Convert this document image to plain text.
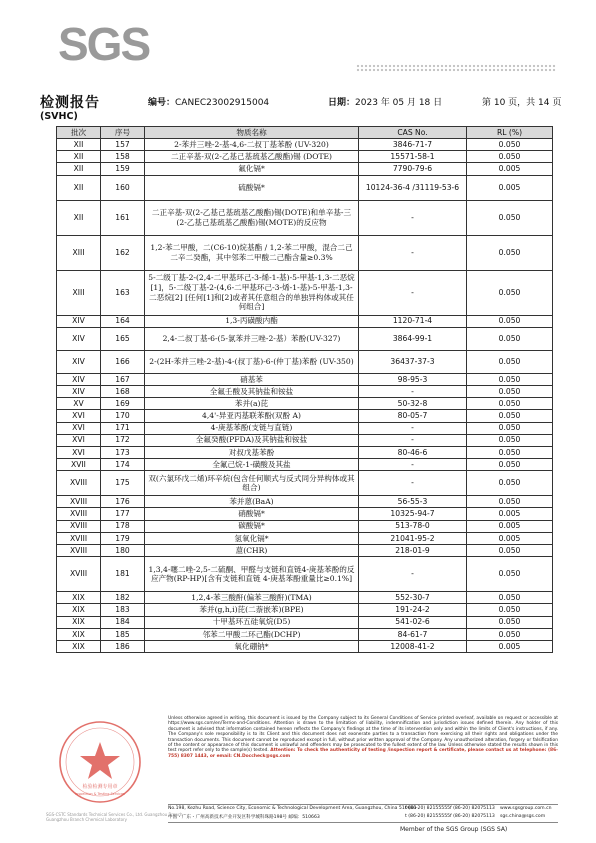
SGS
检测报告
(SVHC)
编号：CANEC23002915004	日期：2023 年 05 月 18 日	第 10 页，共 14 页
批次	序号	物质名称	CAS No.	RL (%)
XII	157	2-苯并三唑-2-基-4,6-二叔丁基苯酚 (UV-320)	3846-71-7	0.050
XII	158	二正辛基-双(2-乙基己基巯基乙酸酯)锡 (DOTE)	15571-58-1	0.050
XII	159	氟化镉*	7790-79-6	0.005
XII	160	硫酸镉*	10124-36-4 /31119-53-6	0.005
XII	161	二正辛基-双(2-乙基己基巯基乙酸酯)锡(DOTE)和单辛基-三(2-乙基己基巯基乙酸酯)锡(MOTE)的反应物	-	0.050
XIII	162	1,2-苯二甲酸，二(C6-10)烷基酯 / 1,2-苯二甲酸，混合二己二辛二癸酯，其中邻苯二甲酸二己酯含量≥0.3%	-	0.050
XIII	163	5-二级丁基-2-(2,4-二甲基环己-3-烯-1-基)-5-甲基-1,3-二恶烷[1]，5-二级丁基-2-(4,6-二甲基环己-3-烯-1-基)-5-甲基-1,3-二恶烷[2] [任何[1]和[2]或者其任意组合的单独异构体或其任何组合]	-	0.050
XIV	164	1,3-丙磺酸内酯	1120-71-4	0.050
XIV	165	2,4-二叔丁基-6-(5-氯苯并三唑-2-基）苯酚(UV-327)	3864-99-1	0.050
XIV	166	2-(2H-苯并三唑-2-基)-4-(叔丁基)-6-(仲丁基)苯酚 (UV-350)	36437-37-3	0.050
XIV	167	硝基苯	98-95-3	0.050
XIV	168	全氟壬酸及其钠盐和铵盐	-	0.050
XV	169	苯并(a)芘	50-32-8	0.050
XVI	170	4,4'-异亚丙基联苯酚(双酚 A)	80-05-7	0.050
XVI	171	4-庚基苯酚(支链与直链)	-	0.050
XVI	172	全氟癸酸(PFDA)及其钠盐和铵盐	-	0.050
XVI	173	对叔戊基苯酚	80-46-6	0.050
XVII	174	全氟己烷-1-磺酸及其盐	-	0.050
XVIII	175	双(六氯环戊二烯)环辛烷(包含任何顺式与反式同分异构体或其组合)	-	0.050
XVIII	176	苯并蒽(BaA)	56-55-3	0.050
XVIII	177	硝酸镉*	10325-94-7	0.005
XVIII	178	碳酸镉*	513-78-0	0.005
XVIII	179	氢氧化镉*	21041-95-2	0.005
XVIII	180	䓛(CHR)	218-01-9	0.050
XVIII	181	1,3,4-噻二唑-2,5-二硫酮、甲醛与支链和直链4-庚基苯酚的反应产物(RP-HP)[含有支链和直链 4-庚基苯酚重量比≥0.1%]	-	0.050
XIX	182	1,2,4-苯三酸酐(偏苯三酸酐)(TMA)	552-30-7	0.050
XIX	183	苯并(g,h,i)芘(二萘嵌苯)(BPE)	191-24-2	0.050
XIX	184	十甲基环五硅氧烷(D5)	541-02-6	0.050
XIX	185	邻苯二甲酸二环己酯(DCHP)	84-61-7	0.050
XIX	186	氧化硼钠*	12008-41-2	0.005
检验检测专用章
Inspection & Testing Services
SGS-CSTC Standards Technical Services Co., Ltd. Guangzhou Branch
Guangzhou Branch Chemical Laboratory
Unless otherwise agreed in writing, this document is issued by the Company subject to its General Conditions of Service printed overleaf, available on request or accessible at https://www.sgs.com/en/Terms-and-Conditions. Attention is drawn to the limitation of liability, indemnification and jurisdiction issues defined therein. Any holder of this document is advised that information contained hereon reflects the Company's findings at the time of its intervention only and within the limits of Client's instructions, if any. The Company's sole responsibility is to its Client and this document does not exonerate parties to a transaction from exercising all their rights and obligations under the transaction documents. This document cannot be reproduced except in full, without prior written approval of the Company. Any unauthorized alteration, forgery or falsification of the content or appearance of this document is unlawful and offenders may be prosecuted to the fullest extent of the law. Unless otherwise stated the results shown in this test report refer only to the sample(s) tested. Attention: To check the authenticity of testing /inspection report & certificate, please contact us at telephone: (86-755) 8307 1443, or email: CN.Doccheck@sgs.com
No.198, Kezhu Road, Science City, Economic & Technological Development Area, Guangzhou, China 510663
t (86-20) 82155555 f (86-20) 82075113 www.sgsgroup.com.cn
中国・广东・广州高新技术产业开发区科学城科珠路198号 邮编：510663	t (86-20) 82155555 f (86-20) 82075113 sgs.china@sgs.com
Member of the SGS Group (SGS SA)
